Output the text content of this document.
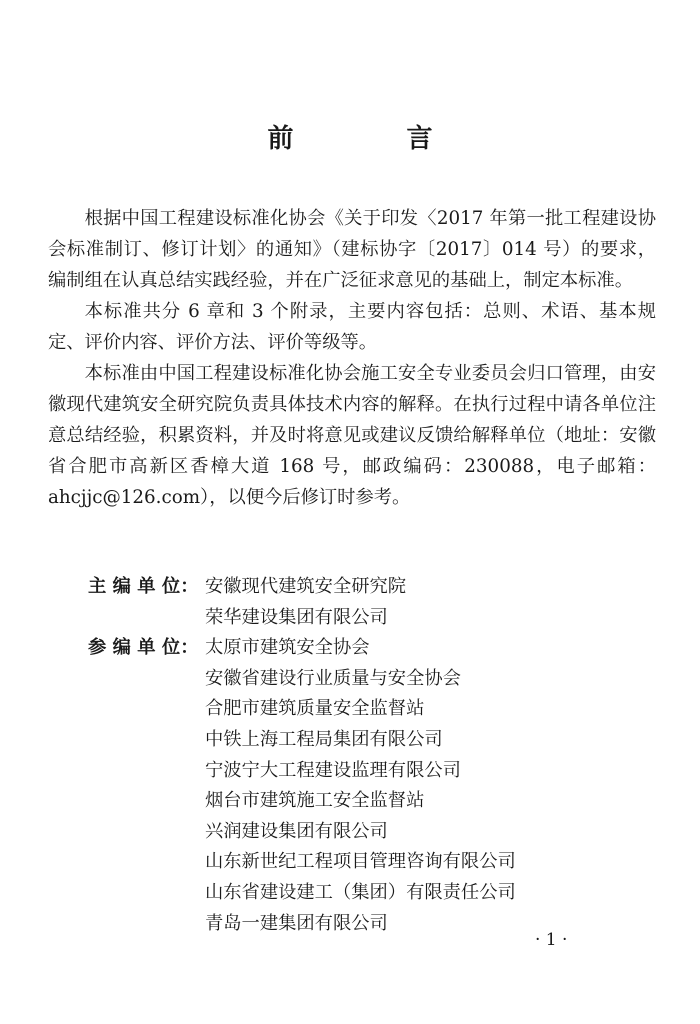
前 言

根据中国工程建设标准化协会《关于印发〈2017 年第一批工程建设协会标准制订、修订计划〉的通知》（建标协字〔2017〕014 号）的要求，编制组在认真总结实践经验，并在广泛征求意见的基础上，制定本标准。

本标准共分 6 章和 3 个附录，主要内容包括：总则、术语、基本规定、评价内容、评价方法、评价等级等。

本标准由中国工程建设标准化协会施工安全专业委员会归口管理，由安徽现代建筑安全研究院负责具体技术内容的解释。在执行过程中请各单位注意总结经验，积累资料，并及时将意见或建议反馈给解释单位（地址：安徽省合肥市高新区香樟大道 168 号，邮政编码：230088，电子邮箱：ahcjjc@126.com），以便今后修订时参考。

主 编 单 位： 安徽现代建筑安全研究院
荣华建设集团有限公司
参 编 单 位： 太原市建筑安全协会
安徽省建设行业质量与安全协会
合肥市建筑质量安全监督站
中铁上海工程局集团有限公司
宁波宁大工程建设监理有限公司
烟台市建筑施工安全监督站
兴润建设集团有限公司
山东新世纪工程项目管理咨询有限公司
山东省建设建工（集团）有限责任公司
青岛一建集团有限公司
· 1 ·
